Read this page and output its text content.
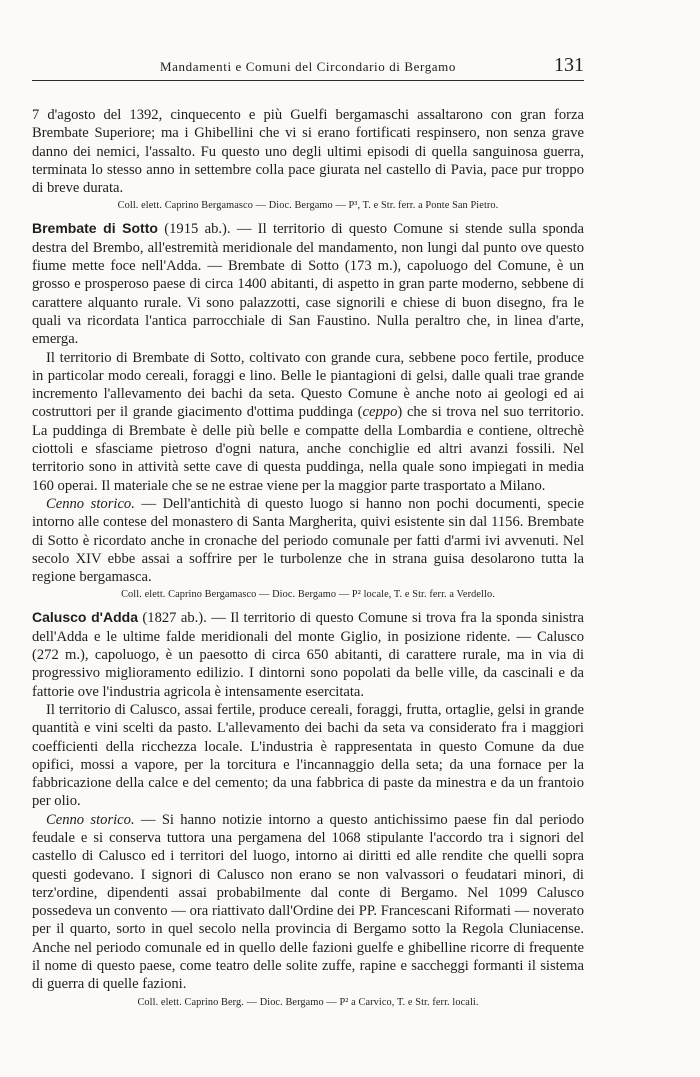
Mandamenti e Comuni del Circondario di Bergamo	131

7 d'agosto del 1392, cinquecento e più Guelfi bergamaschi assaltarono con gran forza Brembate Superiore; ma i Ghibellini che vi si erano fortificati respinsero, non senza grave danno dei nemici, l'assalto. Fu questo uno degli ultimi episodi di quella sanguinosa guerra, terminata lo stesso anno in settembre colla pace giurata nel castello di Pavia, pace pur troppo di breve durata.

Coll. elett. Caprino Bergamasco — Dioc. Bergamo — P³, T. e Str. ferr. a Ponte San Pietro.

Brembate di Sotto (1915 ab.). — Il territorio di questo Comune si stende sulla sponda destra del Brembo, all'estremità meridionale del mandamento, non lungi dal punto ove questo fiume mette foce nell'Adda. — Brembate di Sotto (173 m.), capoluogo del Comune, è un grosso e prosperoso paese di circa 1400 abitanti, di aspetto in gran parte moderno, sebbene di carattere alquanto rurale. Vi sono palazzotti, case signorili e chiese di buon disegno, fra le quali va ricordata l'antica parrocchiale di San Faustino. Nulla peraltro che, in linea d'arte, emerga.

Il territorio di Brembate di Sotto, coltivato con grande cura, sebbene poco fertile, produce in particolar modo cereali, foraggi e lino. Belle le piantagioni di gelsi, dalle quali trae grande incremento l'allevamento dei bachi da seta. Questo Comune è anche noto ai geologi ed ai costruttori per il grande giacimento d'ottima puddinga (ceppo) che si trova nel suo territorio. La puddinga di Brembate è delle più belle e compatte della Lombardia e contiene, oltrechè ciottoli e sfasciame pietroso d'ogni natura, anche conchiglie ed altri avanzi fossili. Nel territorio sono in attività sette cave di questa puddinga, nella quale sono impiegati in media 160 operai. Il materiale che se ne estrae viene per la maggior parte trasportato a Milano.

Cenno storico. — Dell'antichità di questo luogo si hanno non pochi documenti, specie intorno alle contese del monastero di Santa Margherita, quivi esistente sin dal 1156. Brembate di Sotto è ricordato anche in cronache del periodo comunale per fatti d'armi ivi avvenuti. Nel secolo XIV ebbe assai a soffrire per le turbolenze che in strana guisa desolarono tutta la regione bergamasca.

Coll. elett. Caprino Bergamasco — Dioc. Bergamo — P² locale, T. e Str. ferr. a Verdello.

Calusco d'Adda (1827 ab.). — Il territorio di questo Comune si trova fra la sponda sinistra dell'Adda e le ultime falde meridionali del monte Giglio, in posizione ridente. — Calusco (272 m.), capoluogo, è un paesotto di circa 650 abitanti, di carattere rurale, ma in via di progressivo miglioramento edilizio. I dintorni sono popolati da belle ville, da cascinali e da fattorie ove l'industria agricola è intensamente esercitata.

Il territorio di Calusco, assai fertile, produce cereali, foraggi, frutta, ortaglie, gelsi in grande quantità e vini scelti da pasto. L'allevamento dei bachi da seta va considerato fra i maggiori coefficienti della ricchezza locale. L'industria è rappresentata in questo Comune da due opifici, mossi a vapore, per la torcitura e l'incannaggio della seta; da una fornace per la fabbricazione della calce e del cemento; da una fabbrica di paste da minestra e da un frantoio per olio.

Cenno storico. — Si hanno notizie intorno a questo antichissimo paese fin dal periodo feudale e si conserva tuttora una pergamena del 1068 stipulante l'accordo tra i signori del castello di Calusco ed i territori del luogo, intorno ai diritti ed alle rendite che quelli sopra questi godevano. I signori di Calusco non erano se non valvassori o feudatari minori, di terz'ordine, dipendenti assai probabilmente dal conte di Bergamo. Nel 1099 Calusco possedeva un convento — ora riattivato dall'Ordine dei PP. Francescani Riformati — noverato per il quarto, sorto in quel secolo nella provincia di Bergamo sotto la Regola Cluniacense. Anche nel periodo comunale ed in quello delle fazioni guelfe e ghibelline ricorre di frequente il nome di questo paese, come teatro delle solite zuffe, rapine e saccheggi formanti il sistema di guerra di quelle fazioni.

Coll. elett. Caprino Berg. — Dioc. Bergamo — P² a Carvico, T. e Str. ferr. locali.
